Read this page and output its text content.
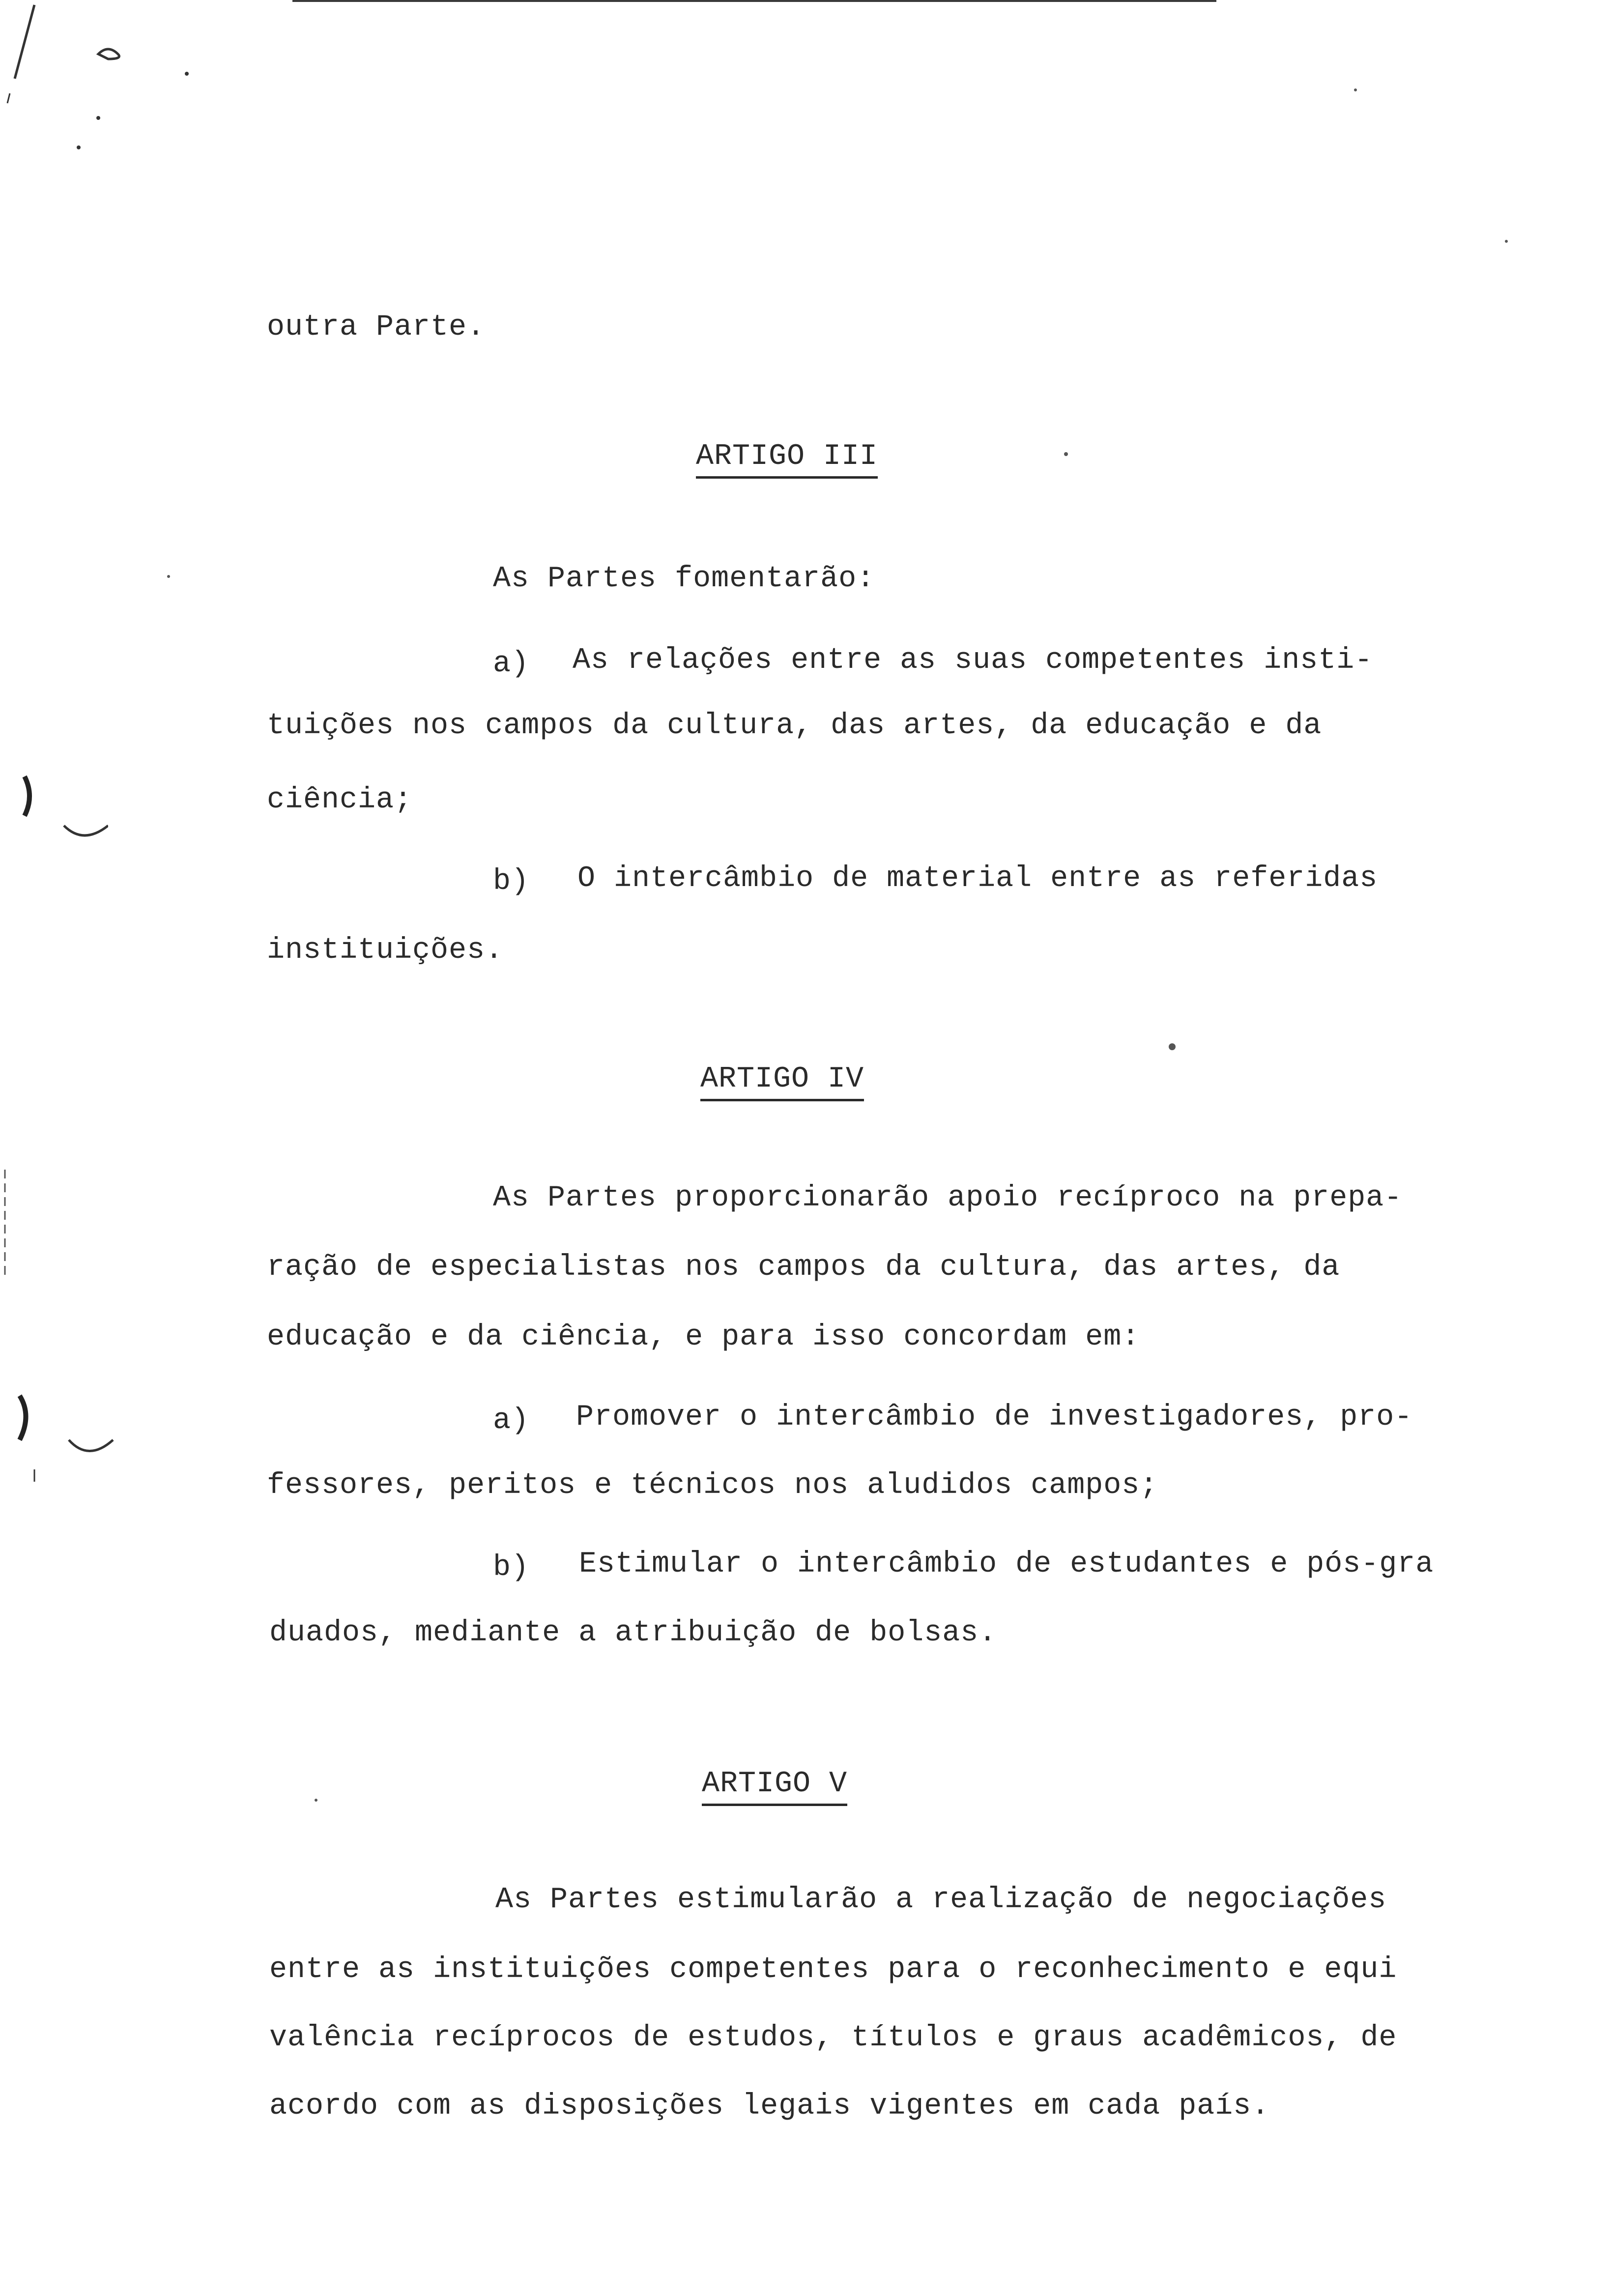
outra Parte.
ARTIGO III
As Partes fomentarão:
a) As relações entre as suas competentes insti-
tuições nos campos da cultura, das artes, da educação e da
ciência;
b) O intercâmbio de material entre as referidas
instituições.
ARTIGO IV
As Partes proporcionarão apoio recíproco na prepa-
ração de especialistas nos campos da cultura, das artes, da
educação e da ciência, e para isso concordam em:
a) Promover o intercâmbio de investigadores, pro-
fessores, peritos e técnicos nos aludidos campos;
b) Estimular o intercâmbio de estudantes e pós-gra
duados, mediante a atribuição de bolsas.
ARTIGO V
As Partes estimularão a realização de negociações
entre as instituições competentes para o reconhecimento e equi
valência recíprocos de estudos, títulos e graus acadêmicos, de
acordo com as disposições legais vigentes em cada país.
